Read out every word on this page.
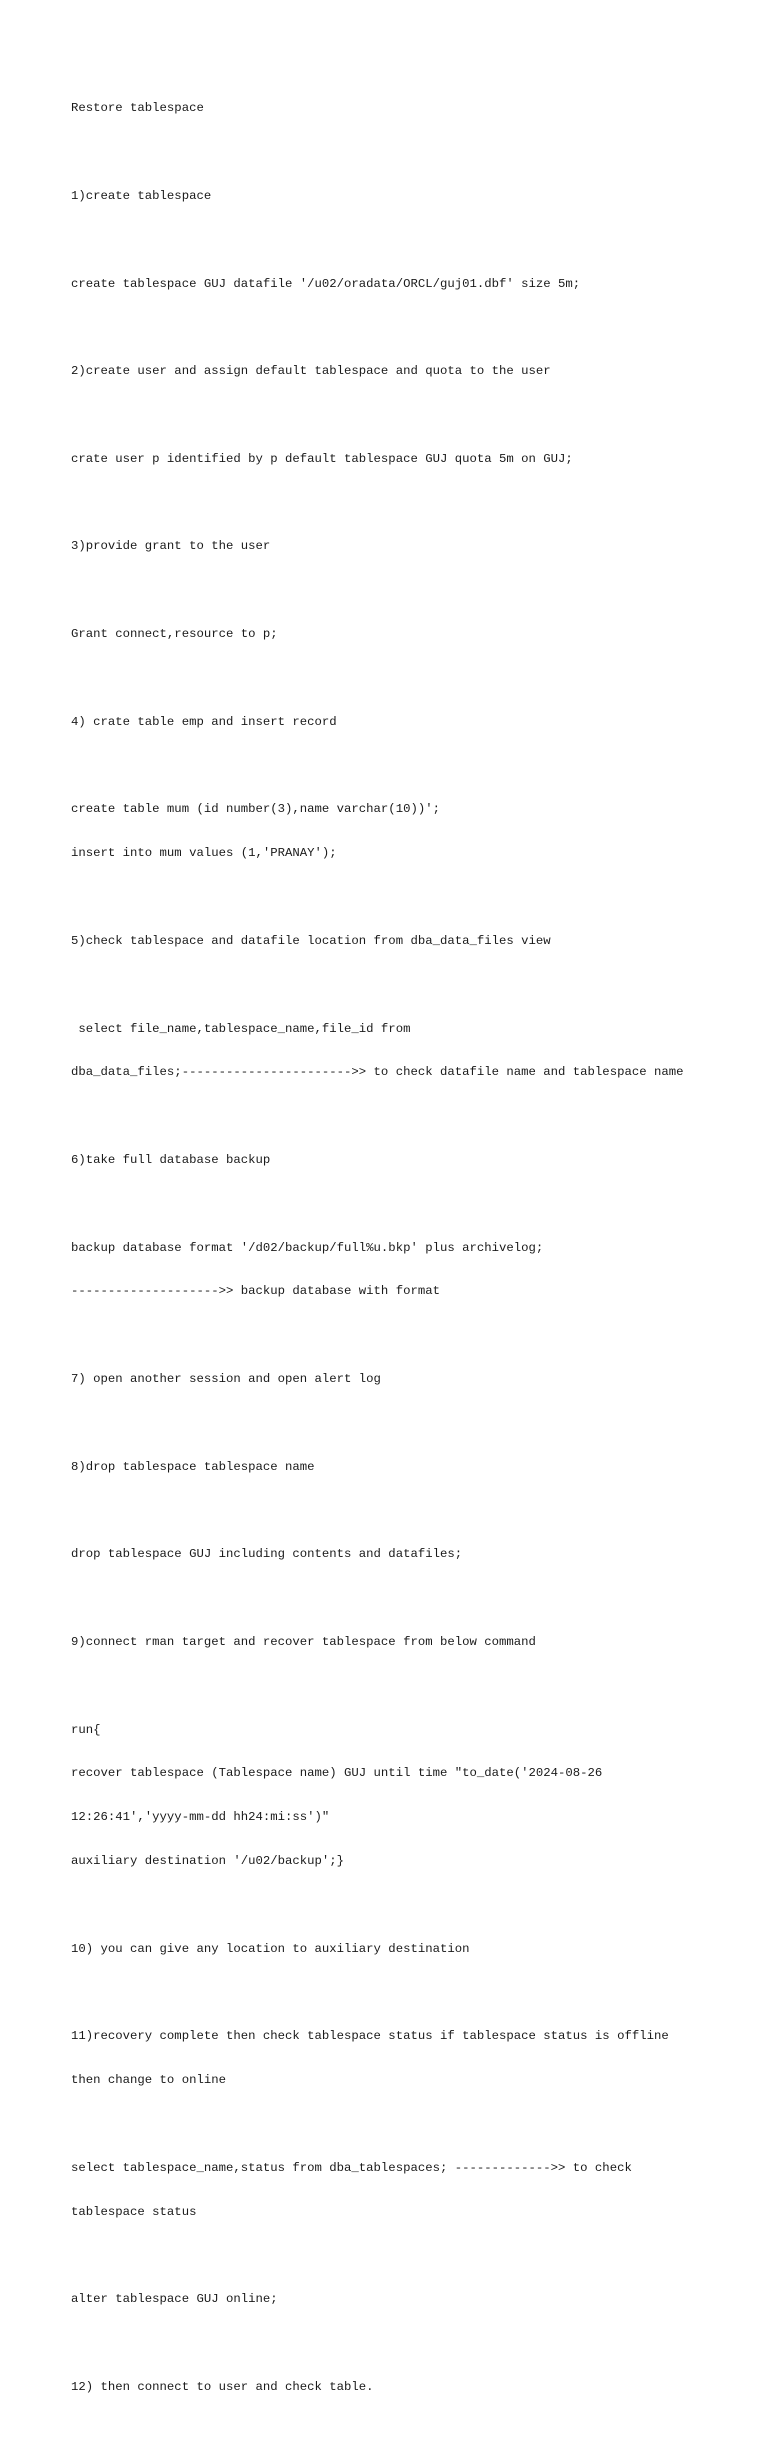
Restore tablespace

1)create tablespace

create tablespace GUJ datafile '/u02/oradata/ORCL/guj01.dbf' size 5m;

2)create user and assign default tablespace and quota to the user

crate user p identified by p default tablespace GUJ quota 5m on GUJ;

3)provide grant to the user

Grant connect,resource to p;

4) crate table emp and insert record

create table mum (id number(3),name varchar(10))';

insert into mum values (1,'PRANAY');

5)check tablespace and datafile location from dba_data_files view

select file_name,tablespace_name,file_id from

dba_data_files;----------------------->> to check datafile name and tablespace name

6)take full database backup

backup database format '/d02/backup/full%u.bkp' plus archivelog;

-------------------->> backup database with format

7) open another session and open alert log

8)drop tablespace tablespace name

drop tablespace GUJ including contents and datafiles;

9)connect rman target and recover tablespace from below command

run{

recover tablespace (Tablespace name) GUJ until time "to_date('2024-08-26

12:26:41','yyyy-mm-dd hh24:mi:ss')"

auxiliary destination '/u02/backup';}

10) you can give any location to auxiliary destination

11)recovery complete then check tablespace status if tablespace status is offline

then change to online

select tablespace_name,status from dba_tablespaces; ------------->> to check

tablespace status

alter tablespace GUJ online;

12) then connect to user and check table.
